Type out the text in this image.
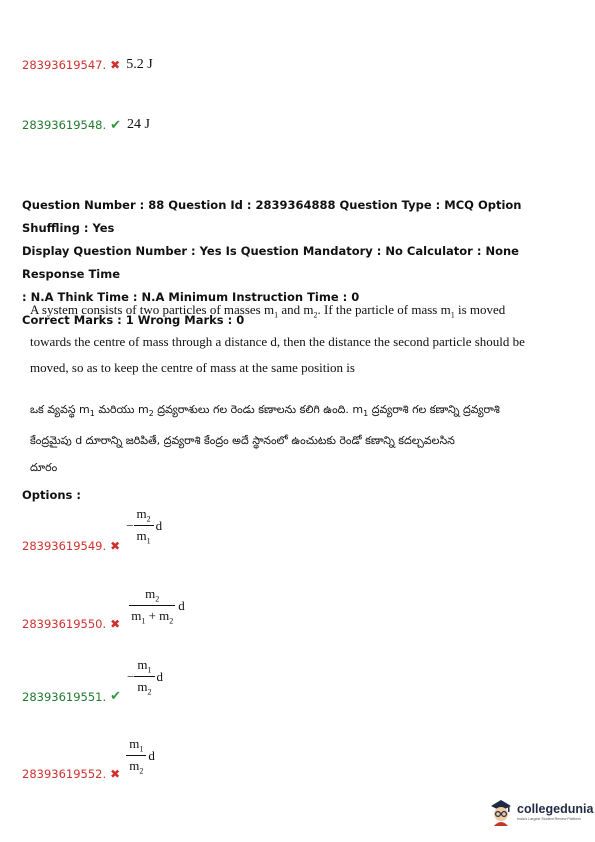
28393619547. ✖ 5.2 J
28393619548. ✔ 24 J
Question Number : 88 Question Id : 2839364888 Question Type : MCQ Option Shuffling : Yes
Display Question Number : Yes Is Question Mandatory : No Calculator : None Response Time
: N.A Think Time : N.A Minimum Instruction Time : 0
Correct Marks : 1 Wrong Marks : 0
A system consists of two particles of masses $m_1$ and $m_2$. If the particle of mass $m_1$ is moved
towards the centre of mass through a distance d, then the distance the second particle should be
moved, so as to keep the centre of mass at the same position is
ఒక వ్యవస్థ $m_1$ మరియు $m_2$ ద్రవ్యరాశులు గల రెండు కణాలను కలిగి ఉంది. $m_1$ ద్రవ్యరాశి గల కణాన్ని ద్రవ్యరాశి
కేంద్రమైపు d దూరాన్ని జరిపితే, ద్రవ్యరాశి కేంద్రం అదే స్థానంలో ఉంచుటకు రెండో కణాన్ని కదల్చవలసిన
దూరం
Options :
28393619549. ✖
− $\frac{m_2}{m_1}$ d
28393619550. ✖ $\frac{m_2}{m_1 + m_2}$ d
28393619551. ✔
− $\frac{m_1}{m_2}$ d
28393619552. ✖ $\frac{m_1}{m_2}$ d
collegedunia
India's Largest Student Review Platform
